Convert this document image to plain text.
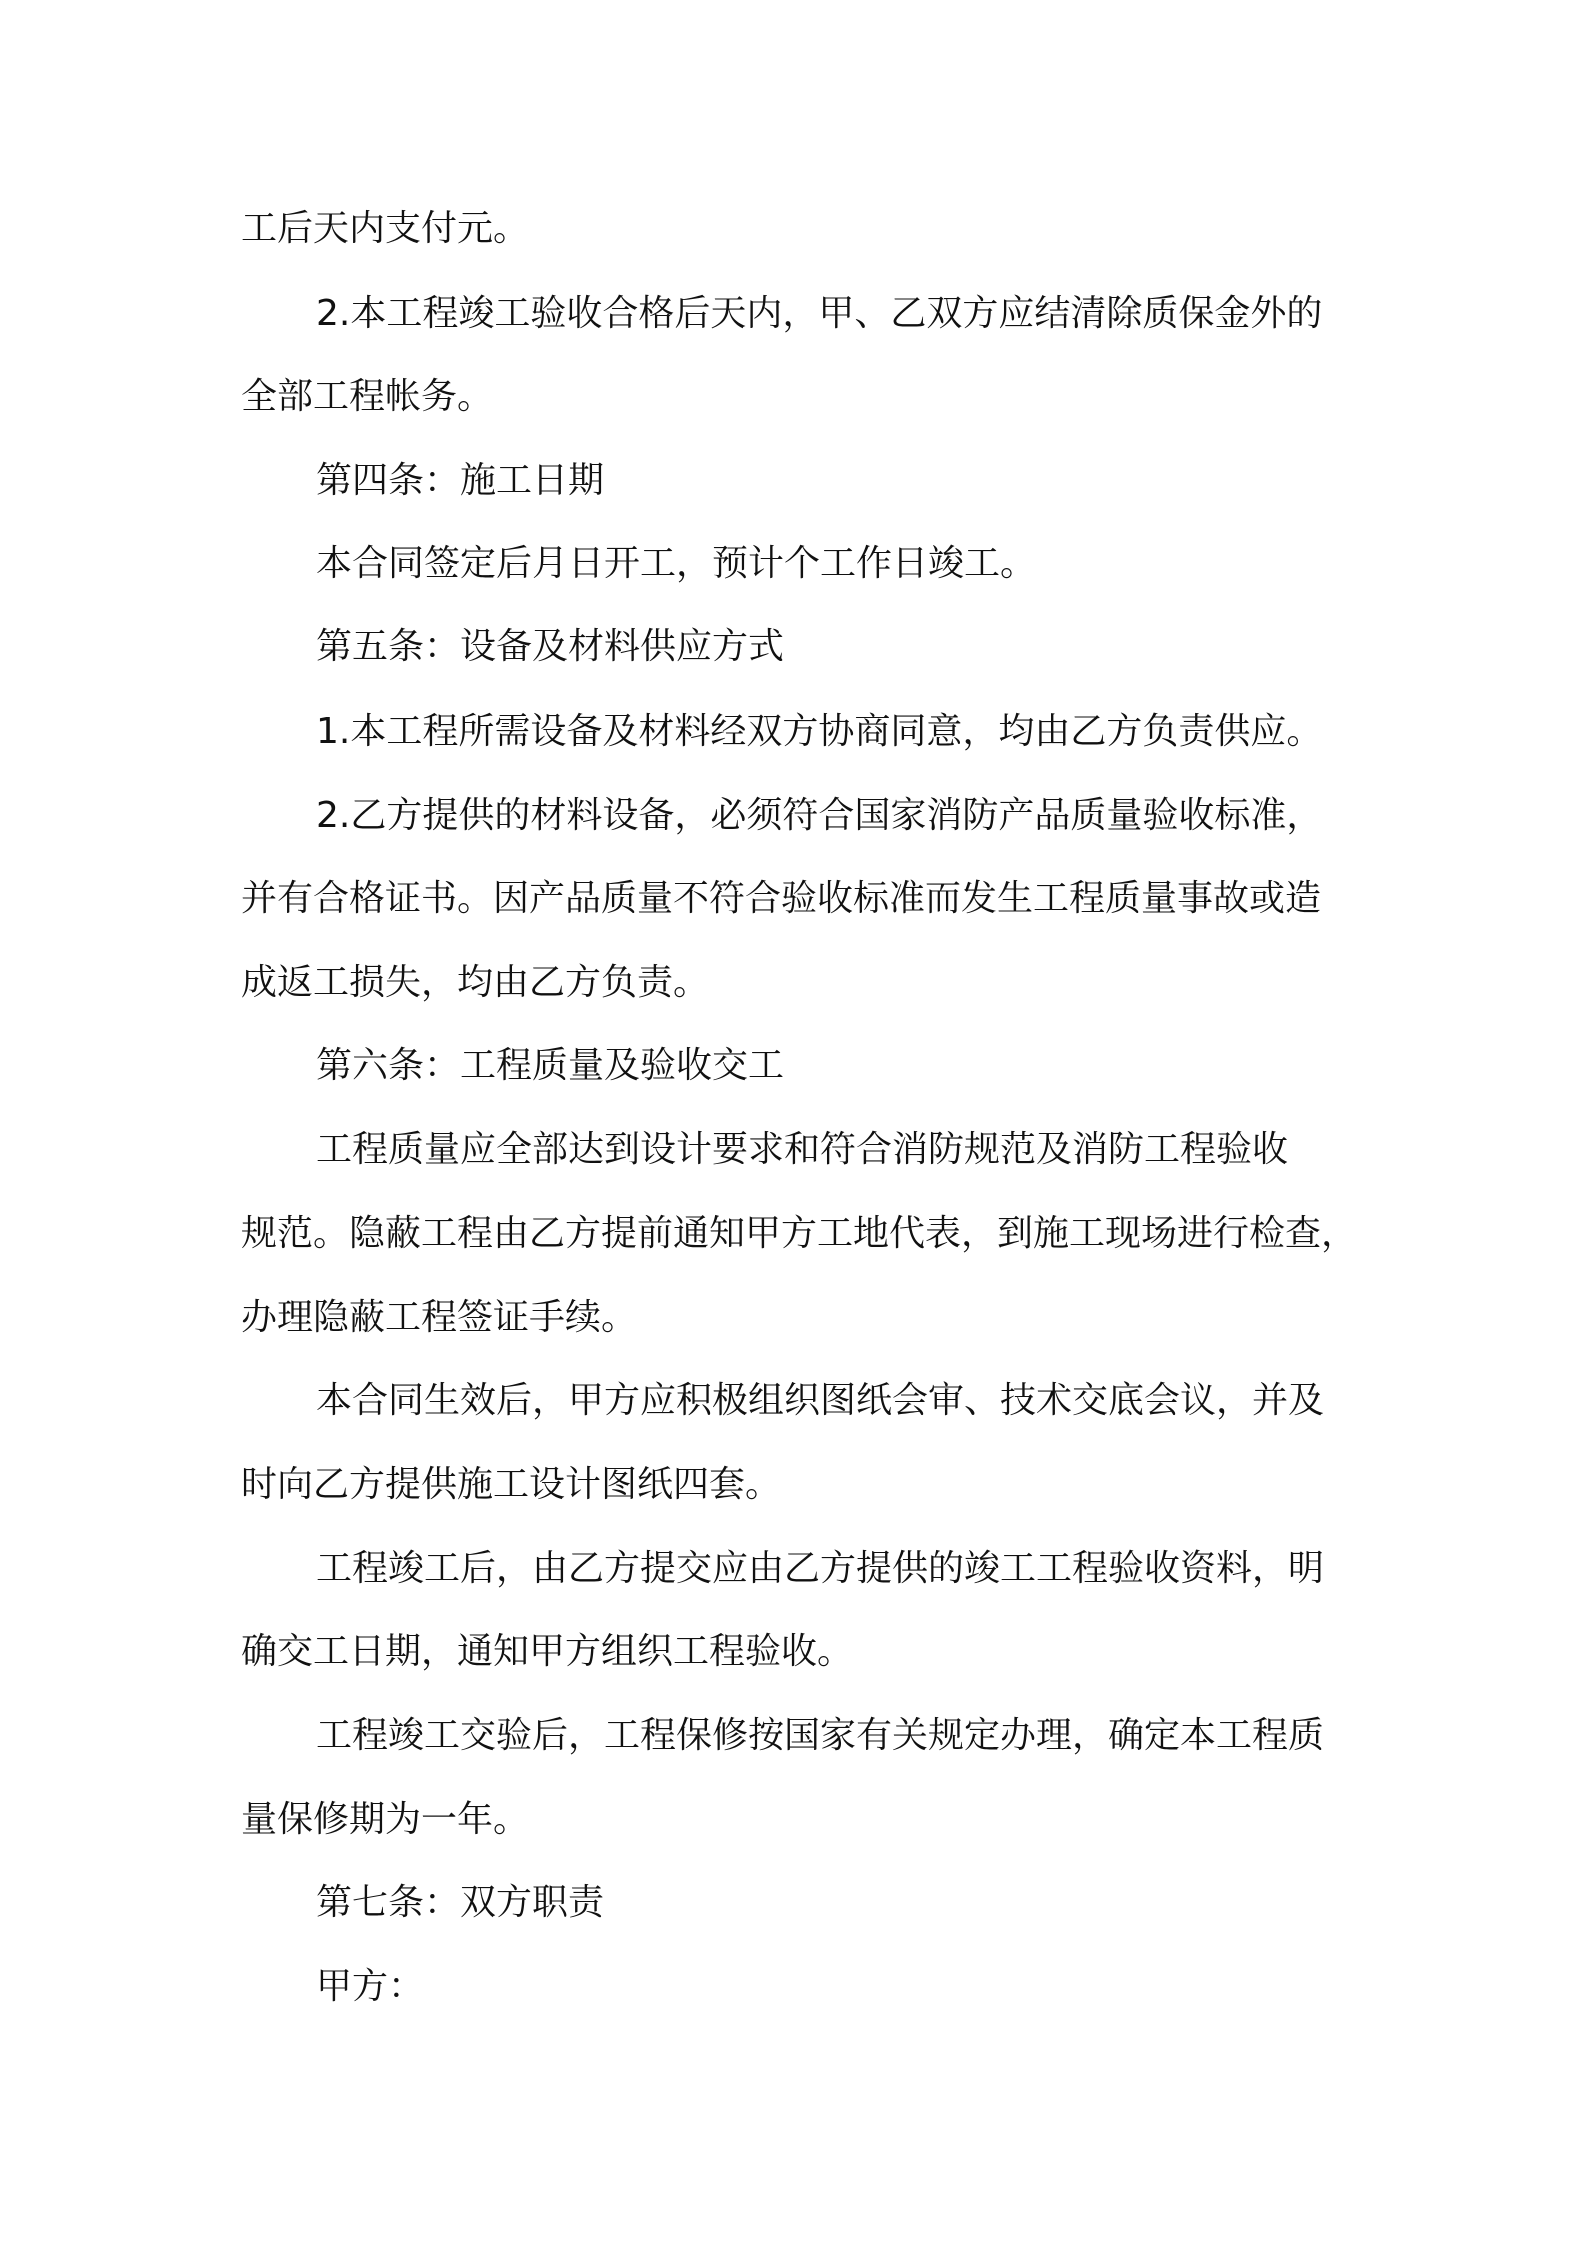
工后天内支付元。
2.本工程竣工验收合格后天内，甲、乙双方应结清除质保金外的
全部工程帐务。
第四条：施工日期
本合同签定后月日开工，预计个工作日竣工。
第五条：设备及材料供应方式
1.本工程所需设备及材料经双方协商同意，均由乙方负责供应。
2.乙方提供的材料设备，必须符合国家消防产品质量验收标准，
并有合格证书。因产品质量不符合验收标准而发生工程质量事故或造
成返工损失，均由乙方负责。
第六条：工程质量及验收交工
工程质量应全部达到设计要求和符合消防规范及消防工程验收
规范。隐蔽工程由乙方提前通知甲方工地代表，到施工现场进行检查，
办理隐蔽工程签证手续。
本合同生效后，甲方应积极组织图纸会审、技术交底会议，并及
时向乙方提供施工设计图纸四套。
工程竣工后，由乙方提交应由乙方提供的竣工工程验收资料，明
确交工日期，通知甲方组织工程验收。
工程竣工交验后，工程保修按国家有关规定办理，确定本工程质
量保修期为一年。
第七条：双方职责
甲方：
